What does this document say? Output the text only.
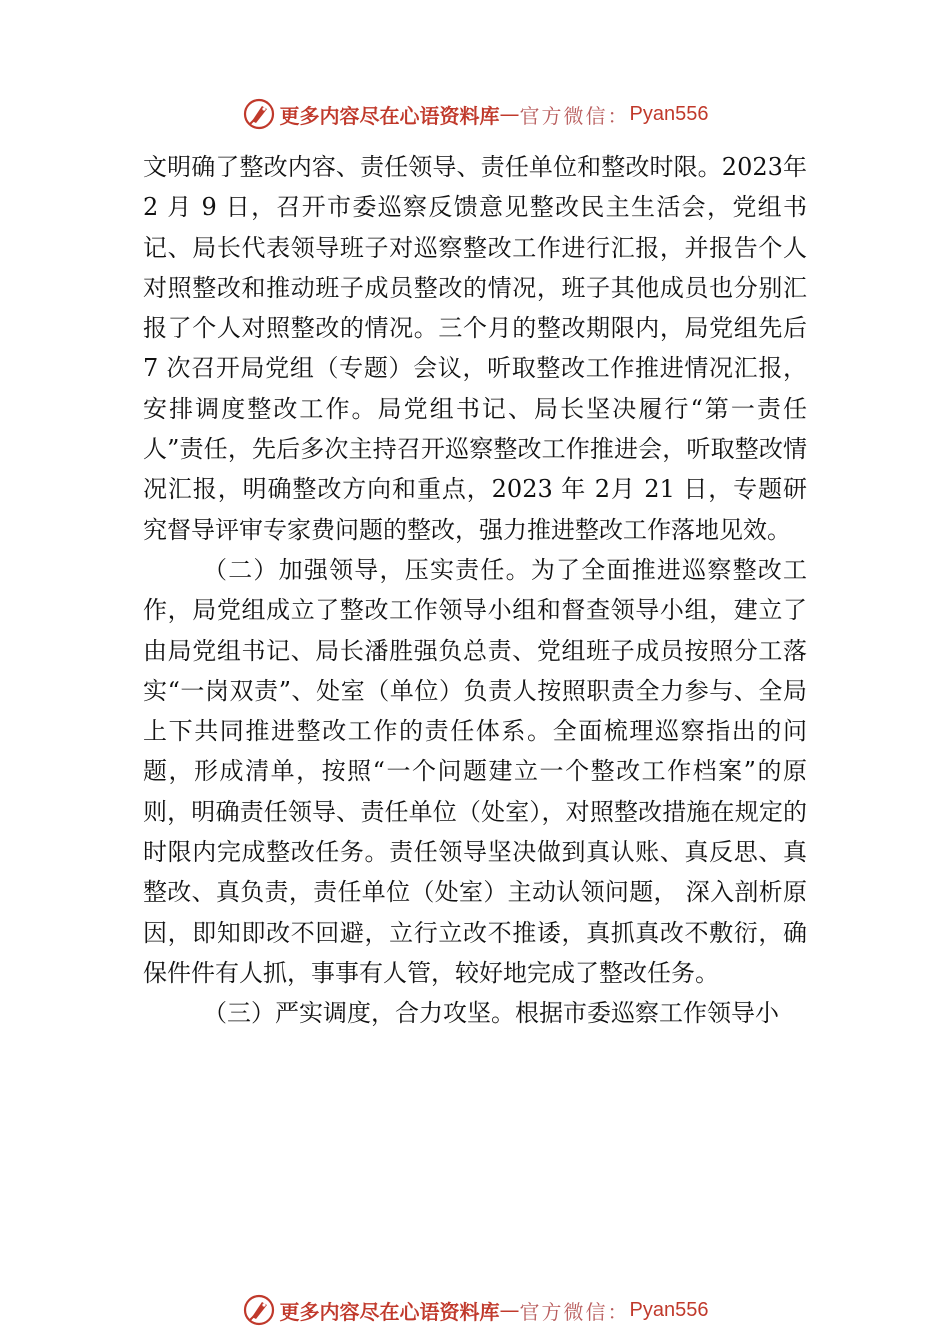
更多内容尽在心语资料库 — 官方微信： Pyan556

文明确了整改内容、责任领导、责任单位和整改时限。2023年 2 月 9 日，召开市委巡察反馈意见整改民主生活会，党组书记、局长代表领导班子对巡察整改工作进行汇报，并报告个人对照整改和推动班子成员整改的情况，班子其他成员也分别汇报了个人对照整改的情况。三个月的整改期限内，局党组先后 7 次召开局党组（专题）会议，听取整改工作推进情况汇报，安排调度整改工作。局党组书记、局长坚决履行“第一责任人”责任，先后多次主持召开巡察整改工作推进会，听取整改情况汇报，明确整改方向和重点，2023 年 2月 21 日，专题研究督导评审专家费问题的整改，强力推进整改工作落地见效。

（二）加强领导，压实责任。为了全面推进巡察整改工作，局党组成立了整改工作领导小组和督查领导小组，建立了由局党组书记、局长潘胜强负总责、党组班子成员按照分工落实“一岗双责”、处室（单位）负责人按照职责全力参与、全局上下共同推进整改工作的责任体系。全面梳理巡察指出的问题，形成清单，按照“一个问题建立一个整改工作档案”的原则，明确责任领导、责任单位（处室），对照整改措施在规定的时限内完成整改任务。责任领导坚决做到真认账、真反思、真整改、真负责，责任单位（处室）主动认领问题， 深入剖析原因，即知即改不回避，立行立改不推诿，真抓真改不敷衍，确保件件有人抓，事事有人管，较好地完成了整改任务。

（三）严实调度，合力攻坚。根据市委巡察工作领导小

更多内容尽在心语资料库 — 官方微信： Pyan556
